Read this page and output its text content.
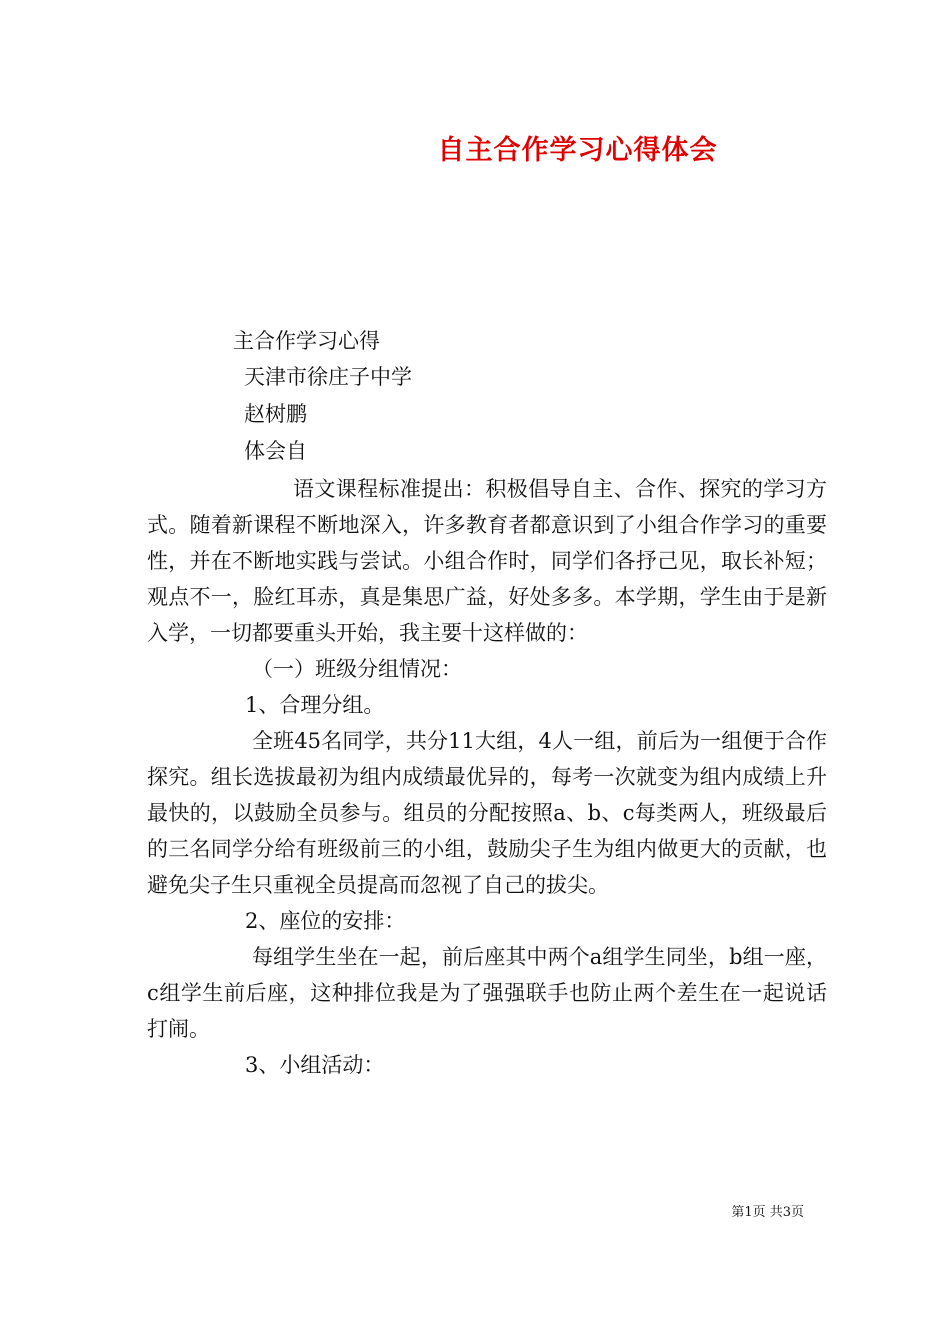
自主合作学习心得体会
主合作学习心得
天津市徐庄子中学
赵树鹏
体会自

语文课程标准提出：积极倡导自主、合作、探究的学习方式。随着新课程不断地深入，许多教育者都意识到了小组合作学习的重要性，并在不断地实践与尝试。小组合作时，同学们各抒己见，取长补短；观点不一，脸红耳赤，真是集思广益，好处多多。本学期，学生由于是新入学，一切都要重头开始，我主要十这样做的：

（一）班级分组情况：

1、合理分组。

全班45名同学，共分11大组，4人一组，前后为一组便于合作探究。组长选拔最初为组内成绩最优异的，每考一次就变为组内成绩上升最快的，以鼓励全员参与。组员的分配按照a、b、c每类两人，班级最后的三名同学分给有班级前三的小组，鼓励尖子生为组内做更大的贡献，也避免尖子生只重视全员提高而忽视了自己的拔尖。

2、座位的安排：

每组学生坐在一起，前后座其中两个a组学生同坐，b组一座，c组学生前后座，这种排位我是为了强强联手也防止两个差生在一起说话打闹。

3、小组活动：

第1页 共3页
